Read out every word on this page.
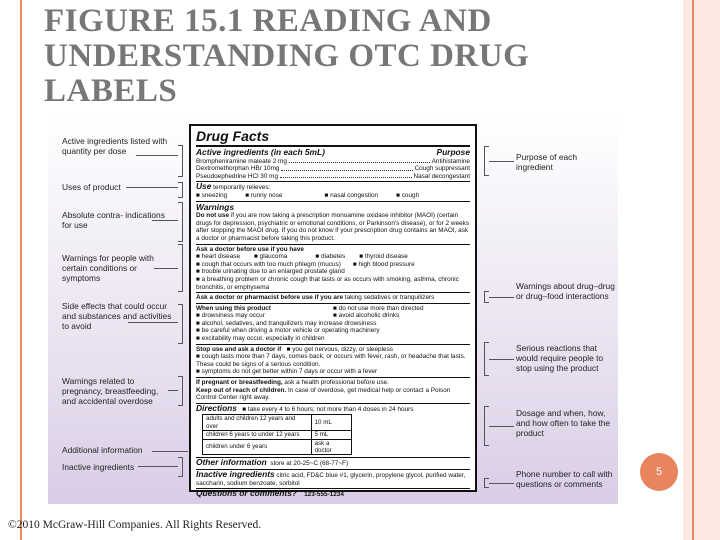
FIGURE 15.1 READING AND UNDERSTANDING OTC DRUG LABELS
Active ingredients listed with quantity per dose
Uses of product
Absolute contra- indications for use
Warnings for people with certain conditions or symptoms
Side effects that could occur and substances and activities to avoid
Warnings related to pregnancy, breastfeeding, and accidental overdose
Additional information
Inactive ingredients
Purpose of each ingredient
Warnings about drug–drug or drug–food interactions
Serious reactions that would require people to stop using the product
Dosage and when, how, and how often to take the product
Phone number to call with questions or comments
Drug Facts
Active ingredients (in each 5mL)	Purpose
Brompheniramine maleate 2 mg	Antihistamine
Dextromethorphan HBr 10mg	Cough suppressant
Pseudoephedrine HCl 30 mg	Nasal decongestant
Use temporarily relieves:
■ sneezing	■ runny nose	■ nasal congestion	■ cough
Warnings
Do not use if you are now taking a prescription monoamine oxidase inhibitor (MAOI) (certain drugs for depression, psychiatric or emotional conditions, or Parkinson's disease), or for 2 weeks after stopping the MAOI drug. If you do not know if your prescription drug contains an MAOI, ask a doctor or pharmacist before taking this product.
Ask a doctor before use if you have
■ heart disease ■ glaucoma	■ diabetes ■ thyroid disease
■ cough that occurs with too much phlegm (mucus) ■ high blood pressure
■ trouble urinating due to an enlarged prostate gland
■ a breathing problem or chronic cough that lasts or as occurs with smoking, asthma, chronic bronchitis, or emphysema
Ask a doctor or pharmacist before use if you are taking sedatives or tranquilizers
When using this product	■ do not use more than directed
■ drowsiness may occur	■ avoid alcoholic drinks
■ alcohol, sedatives, and tranquilizers may increase drowsiness
■ be careful when driving a motor vehicle or operating machinery
■ excitability may occur, especially in children
Stop use and ask a doctor if ■ you get nervous, dizzy, or sleepless
■ cough lasts more than 7 days, comes back, or occurs with fever, rash, or headache that lasts. These could be signs of a serious condition.
■ symptoms do not get better within 7 days or occur with a fever
If pregnant or breastfeeding, ask a health professional before use.
Keep out of reach of children. In case of overdose, get medical help or contact a Poison Control Center right away.
Directions ■ take every 4 to 6 hours; not more than 4 doses in 24 hours
adults and children 12 years and over	10 mL
children 6 years to under 12 years	5 mL
children under 6 years	ask a doctor
Other information store at 20-25~C (68-77~F)
Inactive ingredients citric acid, FD&C blue #1, glycerin, propylene glycol, purified water, saccharin, sodium benzoate, sorbitol
Questions or comments? 123-555-1234
5
©2010 McGraw-Hill Companies. All Rights Reserved.
